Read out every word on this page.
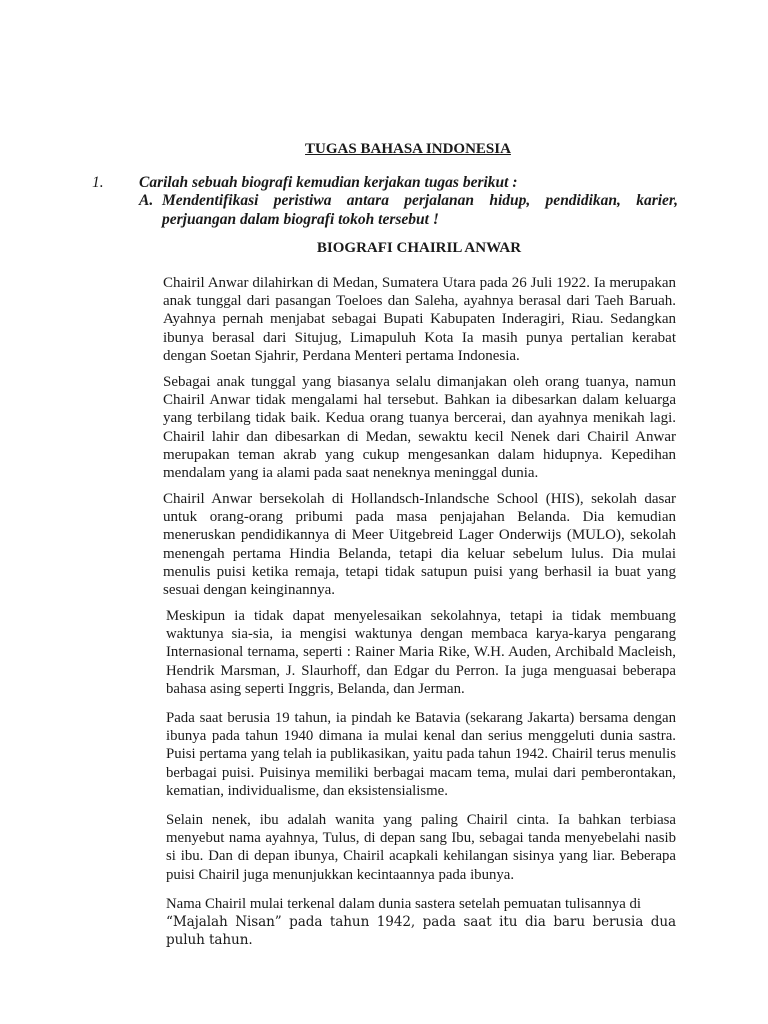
TUGAS BAHASA INDONESIA
1. Carilah sebuah biografi kemudian kerjakan tugas berikut :
A. Mendentifikasi peristiwa antara perjalanan hidup, pendidikan, karier, perjuangan dalam biografi tokoh tersebut !
BIOGRAFI CHAIRIL ANWAR

Chairil Anwar dilahirkan di Medan, Sumatera Utara pada 26 Juli 1922. Ia merupakan anak tunggal dari pasangan Toeloes dan Saleha, ayahnya berasal dari Taeh Baruah. Ayahnya pernah menjabat sebagai Bupati Kabupaten Inderagiri, Riau. Sedangkan ibunya berasal dari Situjug, Limapuluh Kota Ia masih punya pertalian kerabat dengan Soetan Sjahrir, Perdana Menteri pertama Indonesia.

Sebagai anak tunggal yang biasanya selalu dimanjakan oleh orang tuanya, namun Chairil Anwar tidak mengalami hal tersebut. Bahkan ia dibesarkan dalam keluarga yang terbilang tidak baik. Kedua orang tuanya bercerai, dan ayahnya menikah lagi. Chairil lahir dan dibesarkan di Medan, sewaktu kecil Nenek dari Chairil Anwar merupakan teman akrab yang cukup mengesankan dalam hidupnya. Kepedihan mendalam yang ia alami pada saat neneknya meninggal dunia.

Chairil Anwar bersekolah di Hollandsch-Inlandsche School (HIS), sekolah dasar untuk orang-orang pribumi pada masa penjajahan Belanda. Dia kemudian meneruskan pendidikannya di Meer Uitgebreid Lager Onderwijs (MULO), sekolah menengah pertama Hindia Belanda, tetapi dia keluar sebelum lulus. Dia mulai menulis puisi ketika remaja, tetapi tidak satupun puisi yang berhasil ia buat yang sesuai dengan keinginannya.

Meskipun ia tidak dapat menyelesaikan sekolahnya, tetapi ia tidak membuang waktunya sia-sia, ia mengisi waktunya dengan membaca karya-karya pengarang Internasional ternama, seperti : Rainer Maria Rike, W.H. Auden, Archibald Macleish, Hendrik Marsman, J. Slaurhoff, dan Edgar du Perron. Ia juga menguasai beberapa bahasa asing seperti Inggris, Belanda, dan Jerman.

Pada saat berusia 19 tahun, ia pindah ke Batavia (sekarang Jakarta) bersama dengan ibunya pada tahun 1940 dimana ia mulai kenal dan serius menggeluti dunia sastra. Puisi pertama yang telah ia publikasikan, yaitu pada tahun 1942. Chairil terus menulis berbagai puisi. Puisinya memiliki berbagai macam tema, mulai dari pemberontakan, kematian, individualisme, dan eksistensialisme.

Selain nenek, ibu adalah wanita yang paling Chairil cinta. Ia bahkan terbiasa menyebut nama ayahnya, Tulus, di depan sang Ibu, sebagai tanda menyebelahi nasib si ibu. Dan di depan ibunya, Chairil acapkali kehilangan sisinya yang liar. Beberapa puisi Chairil juga menunjukkan kecintaannya pada ibunya.

Nama Chairil mulai terkenal dalam dunia sastera setelah pemuatan tulisannya di
“Majalah Nisan” pada tahun 1942, pada saat itu dia baru berusia dua puluh tahun.
